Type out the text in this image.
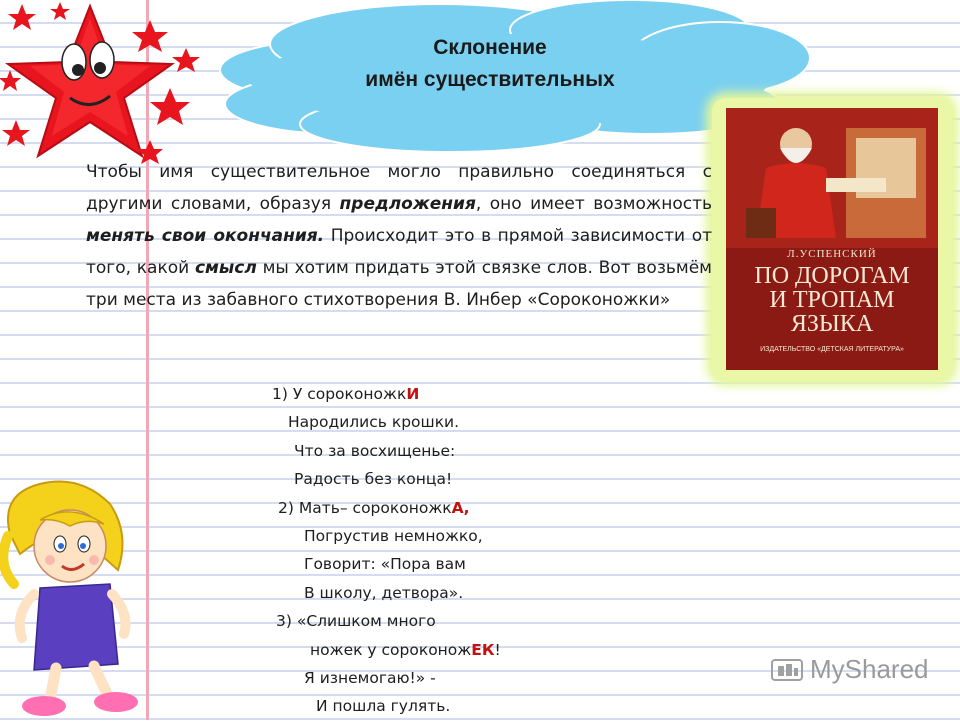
Склонение
имён существительных
Л.УСПЕНСКИЙ
ПО ДОРОГАМ
И ТРОПАМ
ЯЗЫКА
ИЗДАТЕЛЬСТВО «ДЕТСКАЯ ЛИТЕРАТУРА»

Чтобы имя существительное могло правильно соединяться с другими словами, образуя предложения, оно имеет возможность менять свои окончания. Происходит это в прямой зависимости от того, какой смысл мы хотим придать этой связке слов. Вот возьмём три места из забавного стихотворения В. Инбер «Сороконожки»

1) У сороконожкИ
Народились крошки.
Что за восхищенье:
Радость без конца!
2) Мать– сороконожкА,
Погрустив немножко,
Говорит: «Пора вам
В школу, детвора».
3) «Слишком много
ножек у сороконожЕК!
Я изнемогаю!» -
И пошла гулять.
MyShared
